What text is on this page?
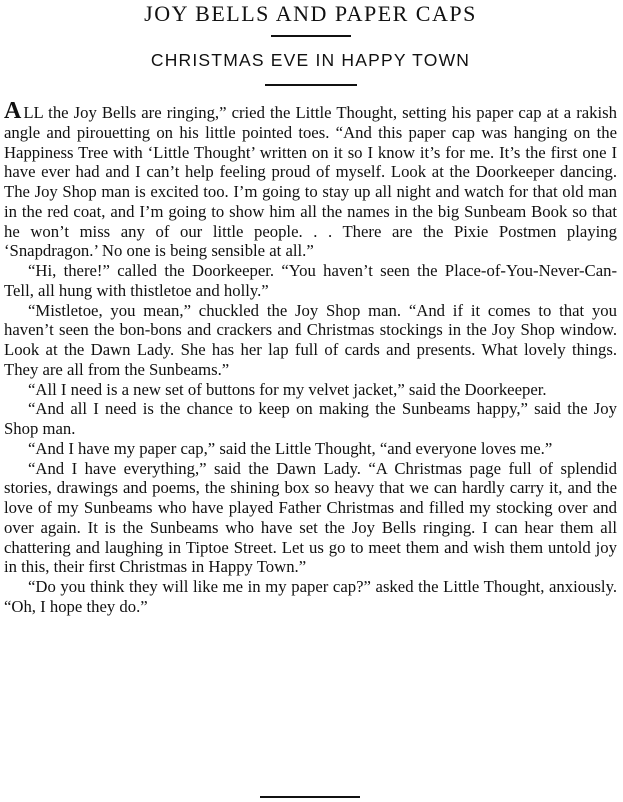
JOY BELLS AND PAPER CAPS
CHRISTMAS EVE IN HAPPY TOWN

A LL the Joy Bells are ringing,” cried the Little Thought, setting his paper cap at a rakish angle and pirouetting on his little pointed toes. “And this paper cap was hanging on the Happiness Tree with ‘Little Thought’ written on it so I know it’s for me. It’s the first one I have ever had and I can’t help feeling proud of myself. Look at the Doorkeeper dancing. The Joy Shop man is excited too. I’m going to stay up all night and watch for that old man in the red coat, and I’m going to show him all the names in the big Sunbeam Book so that he won’t miss any of our little people. . . There are the Pixie Postmen playing ‘Snapdragon.’ No one is being sensible at all.”

“Hi, there!” called the Doorkeeper. “You haven’t seen the Place-of-You-Never-Can-Tell, all hung with thistletoe and holly.”

“Mistletoe, you mean,” chuckled the Joy Shop man. “And if it comes to that you haven’t seen the bon-bons and crackers and Christmas stockings in the Joy Shop window. Look at the Dawn Lady. She has her lap full of cards and presents. What lovely things. They are all from the Sunbeams.”

“All I need is a new set of buttons for my velvet jacket,” said the Doorkeeper.

“And all I need is the chance to keep on making the Sunbeams happy,” said the Joy Shop man.

“And I have my paper cap,” said the Little Thought, “and everyone loves me.”

“And I have everything,” said the Dawn Lady. “A Christmas page full of splendid stories, drawings and poems, the shining box so heavy that we can hardly carry it, and the love of my Sunbeams who have played Father Christmas and filled my stocking over and over again. It is the Sunbeams who have set the Joy Bells ringing. I can hear them all chattering and laughing in Tiptoe Street. Let us go to meet them and wish them untold joy in this, their first Christmas in Happy Town.”

“Do you think they will like me in my paper cap?” asked the Little Thought, anxiously. “Oh, I hope they do.”
